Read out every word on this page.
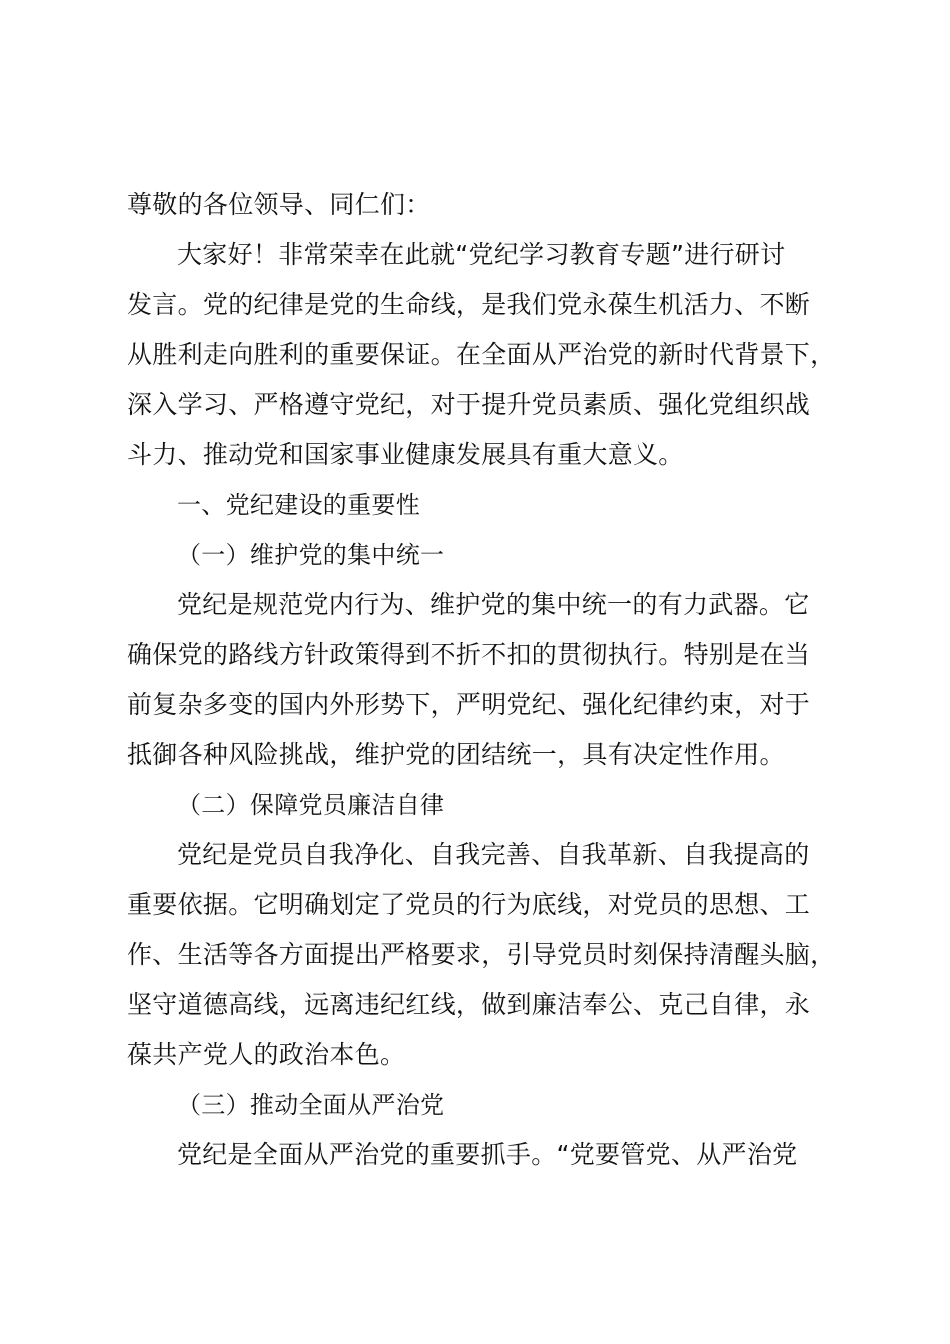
尊敬的各位领导、同仁们：
大家好！非常荣幸在此就“党纪学习教育专题”进行研讨
发言。党的纪律是党的生命线，是我们党永葆生机活力、不断
从胜利走向胜利的重要保证。在全面从严治党的新时代背景下，
深入学习、严格遵守党纪，对于提升党员素质、强化党组织战
斗力、推动党和国家事业健康发展具有重大意义。
一、党纪建设的重要性
（一）维护党的集中统一
党纪是规范党内行为、维护党的集中统一的有力武器。它
确保党的路线方针政策得到不折不扣的贯彻执行。特别是在当
前复杂多变的国内外形势下，严明党纪、强化纪律约束，对于
抵御各种风险挑战，维护党的团结统一，具有决定性作用。
（二）保障党员廉洁自律
党纪是党员自我净化、自我完善、自我革新、自我提高的
重要依据。它明确划定了党员的行为底线，对党员的思想、工
作、生活等各方面提出严格要求，引导党员时刻保持清醒头脑，
坚守道德高线，远离违纪红线，做到廉洁奉公、克己自律，永
葆共产党人的政治本色。
（三）推动全面从严治党
党纪是全面从严治党的重要抓手。“党要管党、从严治党
